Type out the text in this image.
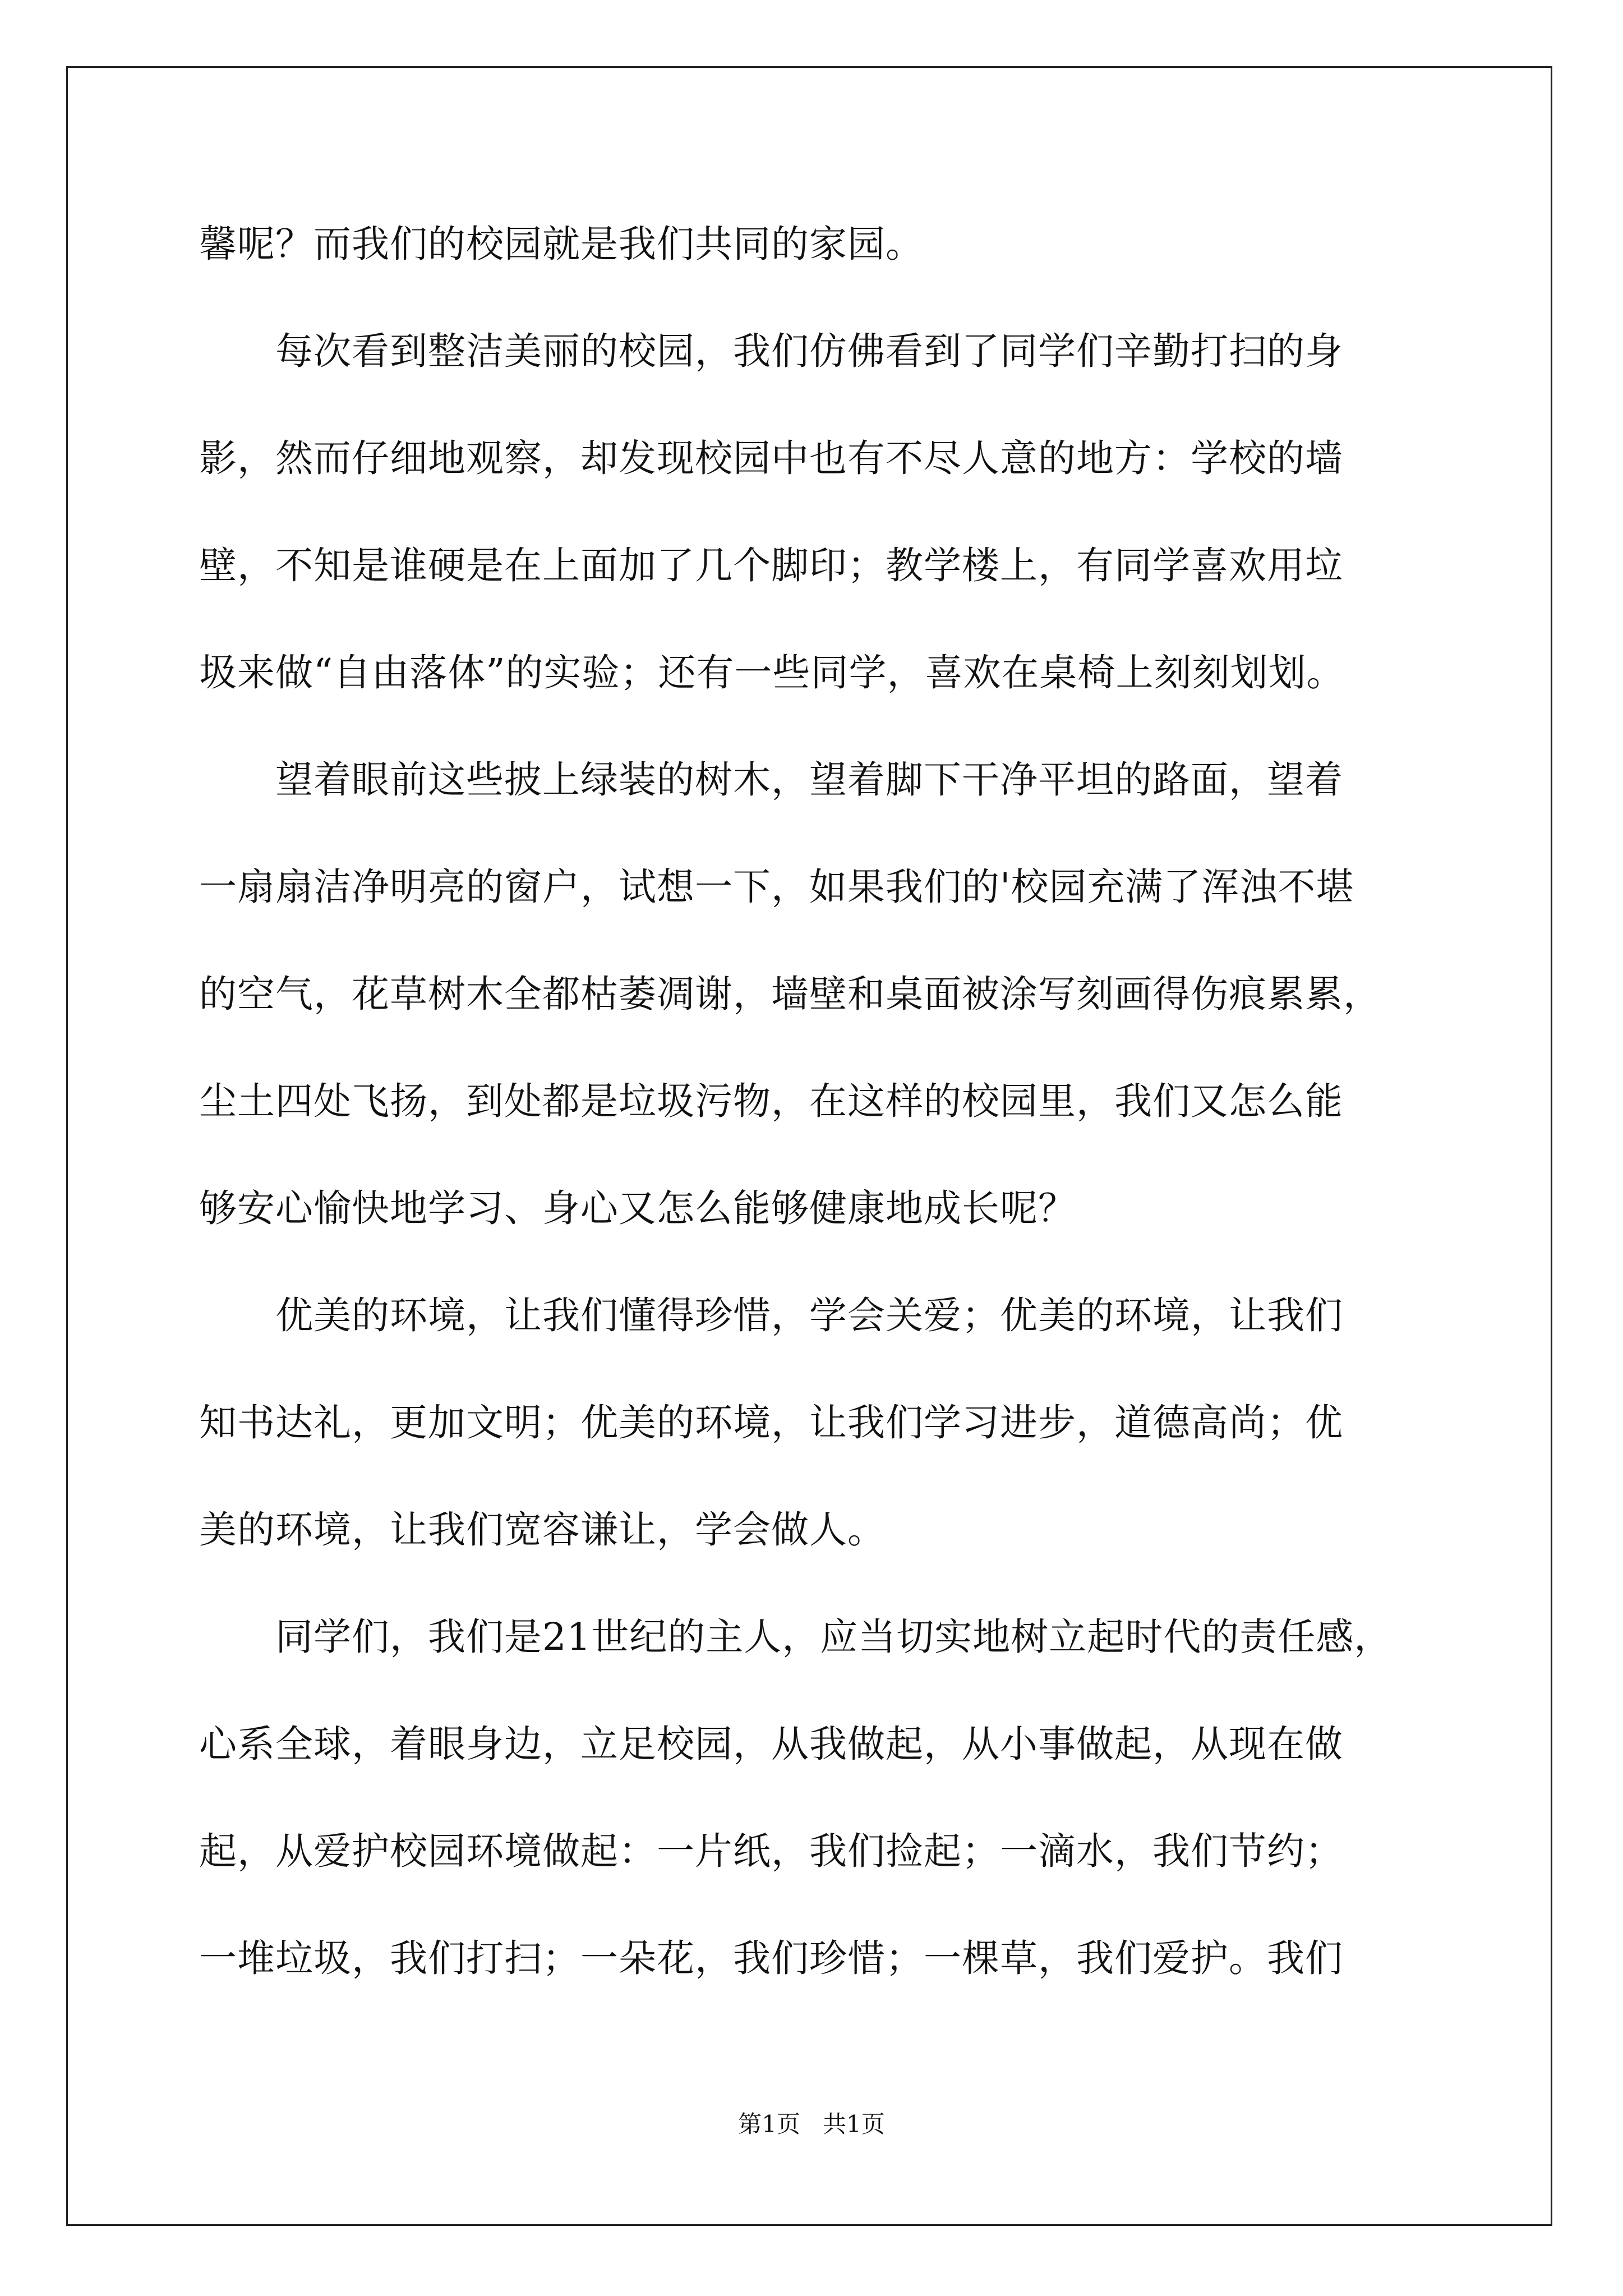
馨呢？而我们的校园就是我们共同的家园。
　　每次看到整洁美丽的校园，我们仿佛看到了同学们辛勤打扫的身
影，然而仔细地观察，却发现校园中也有不尽人意的地方：学校的墙
壁，不知是谁硬是在上面加了几个脚印；教学楼上，有同学喜欢用垃
圾来做“自由落体”的实验；还有一些同学，喜欢在桌椅上刻刻划划。
　　望着眼前这些披上绿装的树木，望着脚下干净平坦的路面，望着
一扇扇洁净明亮的窗户，试想一下，如果我们的'校园充满了浑浊不堪
的空气，花草树木全都枯萎凋谢，墙壁和桌面被涂写刻画得伤痕累累，
尘土四处飞扬，到处都是垃圾污物，在这样的校园里，我们又怎么能
够安心愉快地学习、身心又怎么能够健康地成长呢？
　　优美的环境，让我们懂得珍惜，学会关爱；优美的环境，让我们
知书达礼，更加文明；优美的环境，让我们学习进步，道德高尚；优
美的环境，让我们宽容谦让，学会做人。
　　同学们，我们是21世纪的主人，应当切实地树立起时代的责任感，
心系全球，着眼身边，立足校园，从我做起，从小事做起，从现在做
起，从爱护校园环境做起：一片纸，我们捡起；一滴水，我们节约；
一堆垃圾，我们打扫；一朵花，我们珍惜；一棵草，我们爱护。我们
第1页 共1页
